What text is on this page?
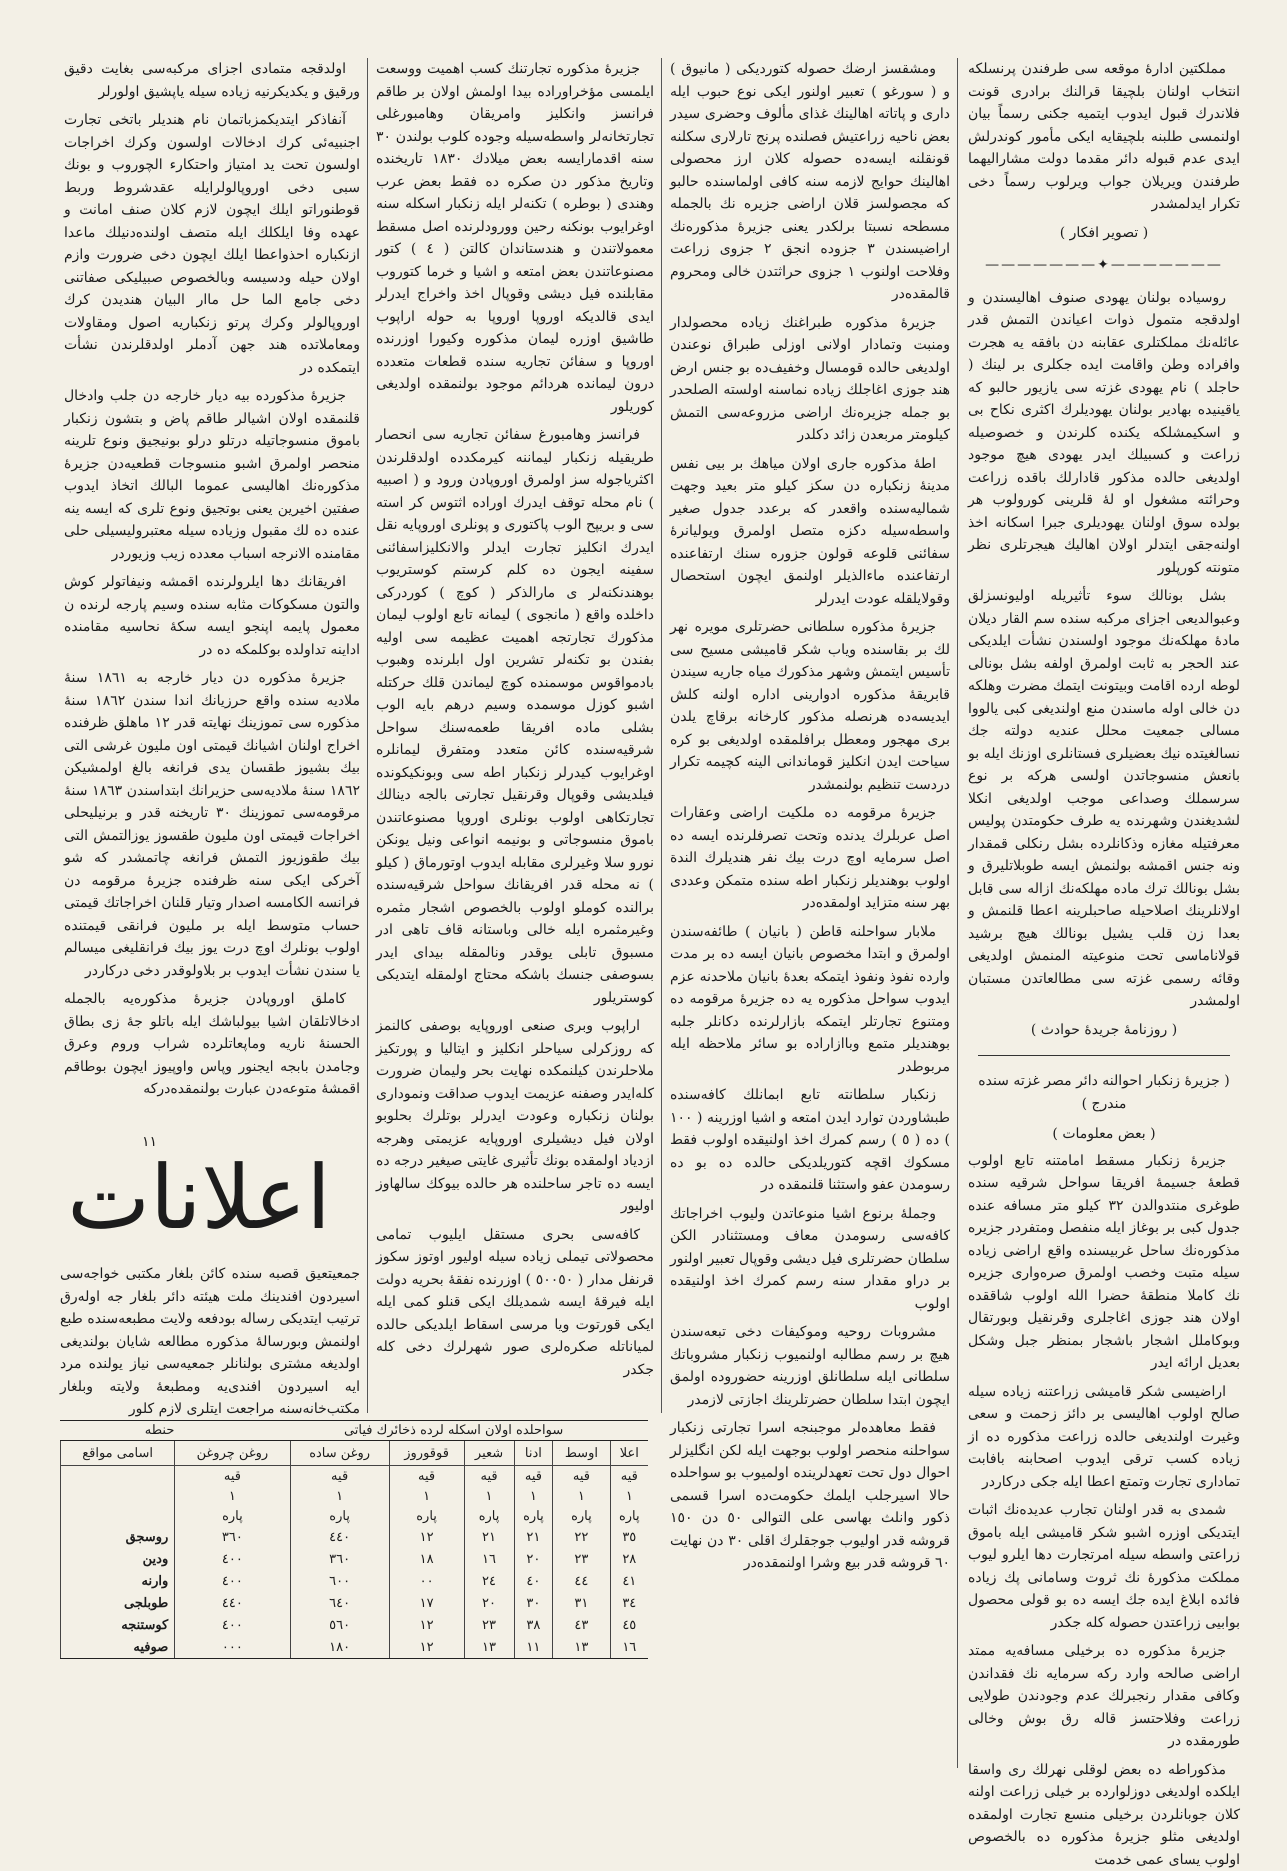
مملكتين اداره‌ٔ موقعه سی طرفندن پرنسلكه انتخاب اولنان بلچیقا قرالنك برادری قونت فلاندرك قبول ایدوب ایتمیه جكنی رسماً بیان اولنمسی طلبنه بلچیقایه ایكی مأمور كوندرلش ایدی عدم قبوله دائر مقدما دولت مشارالیهما طرفندن ویریلان جواب ویرلوب رسماً دخی تكرار ایدلمشدر

( تصویر افكار )

———————✦———————

روسیاده بولنان یهودی صنوف اهالیسندن و اولدقجه متمول ذوات اعیاندن التمش قدر عائله‌نك مملكتلری عقابنه دن بافقه یه هجرت وافراده وطن واقامت ایده جكلری بر لینك ( حاجلد ) نام یهودی غزته سی یازیور حالبو كه یاقینیده بهادیر بولنان یهودیلرك اكثری نكاح بی و اسكیمشلكه یكنده كلرندن و خصوصیله زراعت و كسبیلك ایدر یهودی هیچ موجود اولدیغی حالده مذكور قادارلك باقده زراعت وحرائته مشغول او لهٔ قلرینی كورولوب هر بولده سوق اولنان یهودیلری جبرا اسكانه اخذ اولنه‌جقی ایتدلر اولان اهالیك هیجرتلری نظر متونته كورپلور

بشل بونالك سوء تأثیریله اولیونسزلق وعبوالدیعی اجزای مركبه سنده سم القار دیلان مادهٔ مهلكه‌نك موجود اولسندن نشأت ایلدیكی عند الحجر به ثابت اولمرق اولفه بشل بونالی لوطه ارده اقامت وبیتونت ایتمك مضرت وهلكه دن خالی اوله ماسندن منع اولندیغی كبی یالووا مسالی جمعیت محلل عندیه دولته جك نسالغیتده نیك بعضیلری فستانلری اوزنك ایله بو بانعش منسوجاتدن اولسی هركه بر نوع سرسملك وصداعی موجب اولدیغی انكلا لشدیغندن وشهرنده یه طرف حكومتدن پولیس معرفتیله مغازه وذكانلرده بشل رنكلی قمقدار ونه جنس اقمشه بولنمش ایسه طوبلاتلیرق و بشل بونالك ترك ماده مهلكه‌نك ازاله سی قابل اولانلرینك اصلاحیله صاحبلرینه اعطا قلنمش و بعدا زن قلب یشیل بونالك هیچ برشید قولاناماسی تحت منوعیته المنمش اولدیغی وقائه رسمی غزته سی مطالعاتدن مستبان اولمشدر

( روزنامهٔ جریدهٔ حوادث )

( جزیرهٔ زنكبار احوالنه دائر مصر غزته سنده مندرج )

( بعض معلومات )

جزیرهٔ زنكبار مسقط امامتنه تابع اولوب قطعهٔ جسیمهٔ افریقا سواحل شرقیه سنده طوغری منتدوالدن ٣٢ كیلو متر مسافه عنده جدول كبی بر بوغاز ایله منفصل ومتفردر جزیره مذكوره‌نك ساحل غربیسنده واقع اراضی زیاده سیله متبت وخصب اولمرق صره‌واری جزیره نك كاملا منطقهٔ حضرا الله اولوب شاققده اولان هند جوزی اغاجلری وقرنقیل وبورتقال وبوكاملل اشجار باشجار بمنظر جبل وشكل بعدیل ارائه ایدر

اراضیسی شكر قامیشی زراعتنه زیاده سیله صالح اولوب اهالیسی بر دائز زحمت و سعی وغیرت اولندیغی حالده زراعت مذكوره ده از زیاده كسب ترقی ایدوب اصحابنه بافابت تماداری تجارت وتمتع اعطا ایله جكی دركاردر

شمدی به قدر اولنان تجارب عدیده‌نك اثبات ایتدیكی اوزره اشبو شكر قامیشی ایله باموق زراعتی واسطه سیله امرتجارت دها ایلرو لیوب مملكت مذكورهٔ نك ثروت وسامانی پك زیاده فائده ابلاغ ایده جك ایسه ده بو قولی محصول بوابیی زراعتدن حصوله كله جكدر

جزیرهٔ مذكوره ده برخیلی مسافه‌یه ممتد اراضی صالحه وارد ركه سرمایه نك فقداندن وكافی مقدار رنجبرلك عدم وجودندن طولایی زراعت وفلاحتسز قاله رق بوش وخالی طورمقده در

مذكوراطه ده بعض لوقلی نهرلك ری واسقا ایلكده اولدیغی دوزلوارده بر خیلی زراعت اولنه كلان جوبانلردن برخیلی منسع تجارت اولمقده اولدیغی مثلو جزیرهٔ مذكوره ده بالخصوص اولوب یسای عمی خدمت

ومشقسز ارضك حصوله كتوردیكی ( مانیوق ) و ( سورغو ) تعبیر اولنور ایكی نوع حبوب ایله داری و پاتاته اهالینك غذای مألوف وحضری سیدر بعض ناحیه زراعتیش فصلنده پرنج تارلاری سكلنه قونقلنه ایسه‌ده حصوله كلان ارز محصولی اهالینك حوایج لازمه سنه كافی اولماسنده حالبو كه مجصولسز قلان اراضی جزیره نك بالجمله مسطحه نسبتا برلكدر یعنی جزیرهٔ مذكوره‌نك اراضیسندن ٣ جزوده انجق ٢ جزوی زراعت وفلاحت اولنوب ١ جزوی حراثتدن خالی ومحروم قالمقده‌در

جزیرهٔ مذكوره طبراغنك زیاده محصولدار ومنبت وتمادار اولانی اوزلی طبراق نوعندن اولدیغی حالده قومسال وخفیف‌ده بو جنس ارض هند جوزی اغاجلك زیاده نماسنه اولسته الصلحدر بو جمله جزیره‌نك اراضی مزروعه‌سی التمش كیلومتر مربعدن زائد دكلدر

اطهٔ مذكوره جاری اولان میاهك بر بیی نفس مدینهٔ زنكباره دن سكز كیلو متر بعید وجهت شمالیه‌سنده واقعدر كه برعدد جدول صغیر واسطه‌سیله دكزه متصل اولمرق ویولیانرهٔ سفائنی قلوعه قولون جزوره سنك ارتفاعنده ارتفاعنده ماءالذیلر اولنمق ایچون استحصال وقولایلقله عودت ایدرلر

جزیرهٔ مذكوره سلطانی حضرتلری مویره نهر لك بر بقاسنده ویاب شكر قامیشی مسیح سی تأسیس ایتمش وشهر مذكورك میاه جاریه سیندن قابریقهٔ مذكوره ادوارینی اداره اولنه كلش ایدیسه‌ده هرنصله مذكور كارخانه برقاچ یلدن بری مهجور ومعطل برافلمقده اولدیغی بو كره سیاحت ایدن انكلیز قوماندانی الینه كچیمه تكرار دردست تنظیم بولنمشدر

جزیرهٔ مرقومه ده ملكیت اراضی وعقارات اصل عربلرك یدنده وتحت تصرفلرنده ایسه ده اصل سرمایه اوچ درت بیك نفر هندیلرك الندة اولوب بوهندیلر زنكبار اطه سنده متمكن وعددی بهر سنه متزاید اولمقده‌در

ملابار سواحلنه قاطن ( بانیان ) طائفه‌سندن اولمرق و ابتدا مخصوص بانیان ایسه ده بر مدت وارده نفوذ ونفوذ ایتمكه بعدهٔ بانیان ملاحدنه عزم ایدوب سواحل مذكوره یه ده جزیرهٔ مرقومه ده ومتنوع تجارتلر ایتمكه بازارلرنده دكانلر جلبه بوهندیلر متمع وباازاراده بو سائر ملاحظه ایله مربوطدر

زنكبار سلطانته تابع ابمانلك كافه‌سنده طبشاوردن توارد ایدن امتعه و اشیا اوزرینه ( ١٠٠ ) ده ( ٥ ) رسم كمرك اخذ اولنیقده اولوب فقط مسكوك اقچه كتوریلدیكی حالده ده بو ده رسومدن عفو واستثنا قلنمقده در

وجملهٔ برنوع اشیا منوعاتدن ولیوب اخراجاتك كافه‌سی رسومدن معاف ومستثنادر الكن سلطان حضرتلری فیل دیشی وقوپال تعبیر اولنور بر دراو مقدار سنه رسم كمرك اخذ اولنیقده اولوب

مشروبات روحیه وموكیفات دخی تبعه‌سندن هیچ بر رسم مطالبه اولنمیوب زنكبار مشروباتك سلطانی ایله سلطانلق اوزرینه حضوروده اولمق ایچون ابتدا سلطان حضرتلرینك اجازتی لازمدر

فقط معاهده‌لر موجبنجه اسرا تجارتی زنكبار سواحلنه منحصر اولوب بوجهت ایله لكن انگلیزلر احوال دول تحت تعهدلرینده اولمیوب بو سواحلده حالا اسیرجلب ایلمك حكومت‌ده اسرا قسمی ذكور وانلث بهاسی علی التوالی ٥٠ دن ١٥٠ قروشه قدر اولیوب جوجقلرك اقلی ٣٠ دن نهایت ٦٠ قروشه قدر بیع وشرا اولنمقده‌در

جزیرهٔ مذكوره تجارتنك كسب اهمیت ووسعت ایلمسی مؤخراوراده بیدا اولمش اولان بر طاقم فرانسز وانكلیز وامریقان وهامبورغلی تجارتخانه‌لر واسطه‌سیله وجوده كلوب بولندن ٣٠ سنه اقدمارایسه بعض میلادك ١٨٣٠ تاریخنده وتاریخ مذكور دن صكره ده فقط بعض عرب وهندی ( بوطره ) تكنه‌لر ایله زنكبار اسكله سنه اوغرایوب بونكنه رحین وورودلرنده اصل مسقط معمولاتندن و هندستاندان كالتن ( ٤ ) كتور مصنوعاتندن بعض امتعه و اشیا و خرما كتوروب مقابلنده فیل دیشی وقوپال اخذ واخراج ایدرلر ایدی قالدیكه اوروپا اوروپا به حوله اراپوب طاشیق اوزره لیمان مذكوره وكیورا اوزرنده اوروپا و سفائن تجاریه سنده قطعات متعدده درون لیمانده هردائم موجود بولنمقده اولدیغی كوریلور

فرانسز وهامبورغ سفائن تجاریه سی انحصار طریقیله زنكبار لیماننه كیرمكدده اولدقلرندن اكثریاجوله سز اولمرق اوروپادن ورود و ( اصبیه ) نام محله توقف ایدرك اوراده اثتوس كر استه سی و بریپح الوب پاكتوری و پونلری اوروپایه نقل ایدرك انكلیز تجارت ایدلر والانكلیزاسفائنی سفینه ایجون ده كلم كرستم كوستریوب بوهندنكنه‌لر ی مارالذكر ( كوچ ) كوردركی داخلده واقع ( مانجوی ) لیمانه تابع اولوب لیمان مذكورك تجارتجه اهمیت عظیمه سی اولیه بفندن بو تكنه‌لر تشرین اول ابلرنده وهبوب بادمواقوس موسمنده كوچ لیماندن قلك حركتله اشبو كوزل موسمده وسیم درهم بایه الوب بشلی ماده افریقا طعمه‌سنك سواحل شرقیه‌سنده كائن متعدد ومتفرق لیمانلره اوغرایوب كیدرلر زنكبار اطه سی وبونكیكونده فیلدیشی وقوپال وقرنقیل تجارتی بالجه دینالك تجارتكاهی اولوب بونلری اوروپا مصنوعاتندن باموق منسوجاتی و بونیمه انواعی ونیل یونكن نورو سلا وغیرلری مقابله ایدوب اوتورماق ( كیلو ) نه محله قدر افریقانك سواحل شرقیه‌سنده برالنده كوملو اولوب بالخصوص اشجار مثمره وغیرمثمره ایله خالی وباستانه قاف تاهی ادر مسبوق تابلی یوقدر ونالمقله بیدای ایدر بسوصفی جنسك باشكه محتاج اولمقله ایتدیكی كوستریلور

اراپوب وبری صنعی اوروپایه بوصفی كالنمز كه روزكرلی سیاحلر انكلیز و ایتالیا و پورتكیز ملاحلرندن كیلنمكده نهایت بحر ولیمان ضرورت كله‌ایدر وصفنه عزیمت ایدوب صداقت ونموداری بولنان زنكباره وعودت ایدرلر بوتلرك بحلوبو اولان فیل دیشیلری اوروپایه عزیمتی وهرجه ازدیاد اولمقده بونك تأثیری غایتی صیغیر درجه ده ایسه ده تاجر ساحلنده هر حالده بیوكك سالهاوز اولیور

كافه‌سی بحری مستقل ایلیوب تمامی محصولاتی تیملی زیاده سیله اولیور اوتوز سكوز قرنفل مدار ( ٥٠٠٥٠ ) اوزرنده نفقهٔ بحریه دولت ایله فیرقهٔ ایسه شمدیلك ایكی قنلو كمی ایله ایكی قورتوت ویا مرسی اسقاط ایلدیكی حالده لمیاناتله صكره‌لری صور شهرلرك دخی كله جكدر

اولدقجه متمادی اجزای مركبه‌سی بغایت دقیق ورقیق و یكدیكرنیه زیاده سیله یاپشیق اولورلر

آنفاذكر ایتدیكمزباتمان نام هندیلر باتخی تجارت اجنبیه‌ئی كرك ادخالات اولسون وكرك اخراجات اولسون تحت ید امتیاز واحتكارء الچوروب و بونك سبی دخی اوروپالولرایله عقدشروط وربط قوطنوراتو ایلك ایچون لازم كلان صنف امانت و عهده وفا ایلكلك ایله متصف اولنده‌دنیلك ماعدا ازنكباره احذواعطا ایلك ایچون دخی ضرورت وازم اولان حیله ودسیسه وبالخصوص صبیلیكی صفاتنی دخی جامع الما حل ماار البیان هندیدن كرك اوروپالولر وكرك پرتو زنكباریه اصول ومقاولات ومعاملاتده هند جهن آدملر اولدقلرندن نشأت ایتمكده در

جزیرهٔ مذكورده بیه دیار خارجه دن جلب وادخال قلنمقده اولان اشیالر طاقم پاض و بتشون زنكبار باموق منسوجاتیله درتلو درلو بونیجیق ونوع تلرینه منحصر اولمرق اشبو منسوجات قطعیه‌دن جزیرهٔ مذكوره‌نك اهالیسی عموما البالك اتخاذ ایدوب صفتین اخیرین یعنی بوتجیق ونوع تلری كه ایسه‌ ینه عنده ده لك مقبول وزیاده سیله معتبرولیسیلی حلی مقامنده الانرجه اسباب معدده زیب وزیوردر

افریقانك دها ایلرولرنده اقمشه ونیفاتولر كوش والتون مسكوكات مثابه سنده وسیم پارجه‌ لرنده ن معمول پایمه اپنجو ایسه سكهٔ نحاسیه مقامنده اداینه تداولده بوكلمكه ده در

جزیرهٔ مذكوره دن دیار خارجه به ١٨٦١ سنهٔ ملادیه سنده واقع حرزیانك اندا سندن ١٨٦٢ سنهٔ مذكوره سی تموزینك نهایته قدر ١٢ ماهلق ظرفنده اخراج اولنان اشیانك قیمتی اون ملیون غرشی التی بیك بشیوز طقسان یدی فرانغه بالغ اولمشیكن ١٨٦٢ سنهٔ ملادیه‌سی حزیرانك ابتداسندن ١٨٦٣ سنهٔ مرقومه‌سی تموزینك ٣٠ تاریخنه قدر و برنیلیحلی اخراجات قیمتی اون ملیون طقسوز یوزالتمش التی بیك طقوزیوز التمش فرانغه چاتمشدر كه شو آخركی ایكی سنه ظرفنده جزیرهٔ مرقومه دن فرانسه الكامسه اصدار وتیار قلنان اخراجاتك قیمتی حساب متوسط ایله بر ملیون فرانقی قیمتنده اولوب بونلرك اوچ درت یوز بیك فرانقلیغی میسالم یا سندن نشأت ایدوب بر بلاولوقدر دخی دركاردر

كاملق اوروپادن جزیرهٔ مذكوره‌یه بالجمله ادخالاتلقان اشیا بیولباشك ایله باتلو جهٔ زی بطاق الحسنهٔ ناریه وماپعاتلرده شراب وروم وعرق وجامدن بابجه ایجنور وپاس واوپیوز ایچون بوطاقم اقمشهٔ متوعه‌دن عبارت بولنمقده‌دركه

١١
اعلانات
جمعیتعیق قصبه سنده كائن بلغار مكتبی خواجه‌سی اسیردون افندینك ملت هیئته دائر بلغار جه اوله‌رق ترتیب ایتدیكی رساله بودفعه ولایت مطبعه‌سنده طبع اولنمش وبورساله‌ٔ مذكوره مطالعه شایان بولندیغی اولدیغه مشتری بولنانلر جمعیه‌سی نیاز یولنده مرد ایه اسیردون افندی‌یه ومطبعهٔ ولایته وبلغار مكتب‌خانه‌سنه مراجعت ایتلری لازم كلور
سواحلده اولان اسكله لرده ذخائرك فیاتی
حنطه
اعلا	اوسط	ادنا	شعیر	قوقوروز	روغن ساده	روغن چروغن	اسامی مواقع
قیه	قیه	قیه	قیه	قیه	قیه	قیه	
١	١	١	١	١	١	١	
پاره	پاره	پاره	پاره	پاره	پاره	پاره	
٣٥	٢٢	٢١	٢١	١٢	٤٤٠	٣٦٠	روسجق
٢٨	٢٣	٢٠	١٦	١٨	٣٦٠	٤٠٠	ودین
٤١	٤٤	٤٠	٢٤	٠٠	٦٠٠	٤٠٠	وارنه
٣٤	٣١	٣٠	٢٠	١٧	٦٤٠	٤٤٠	طوبلجی
٤٥	٤٣	٣٨	٢٣	١٢	٥٦٠	٤٠٠	كوستنجه
١٦	١٣	١١	١٣	١٢	١٨٠	٠٠٠	صوفیه
